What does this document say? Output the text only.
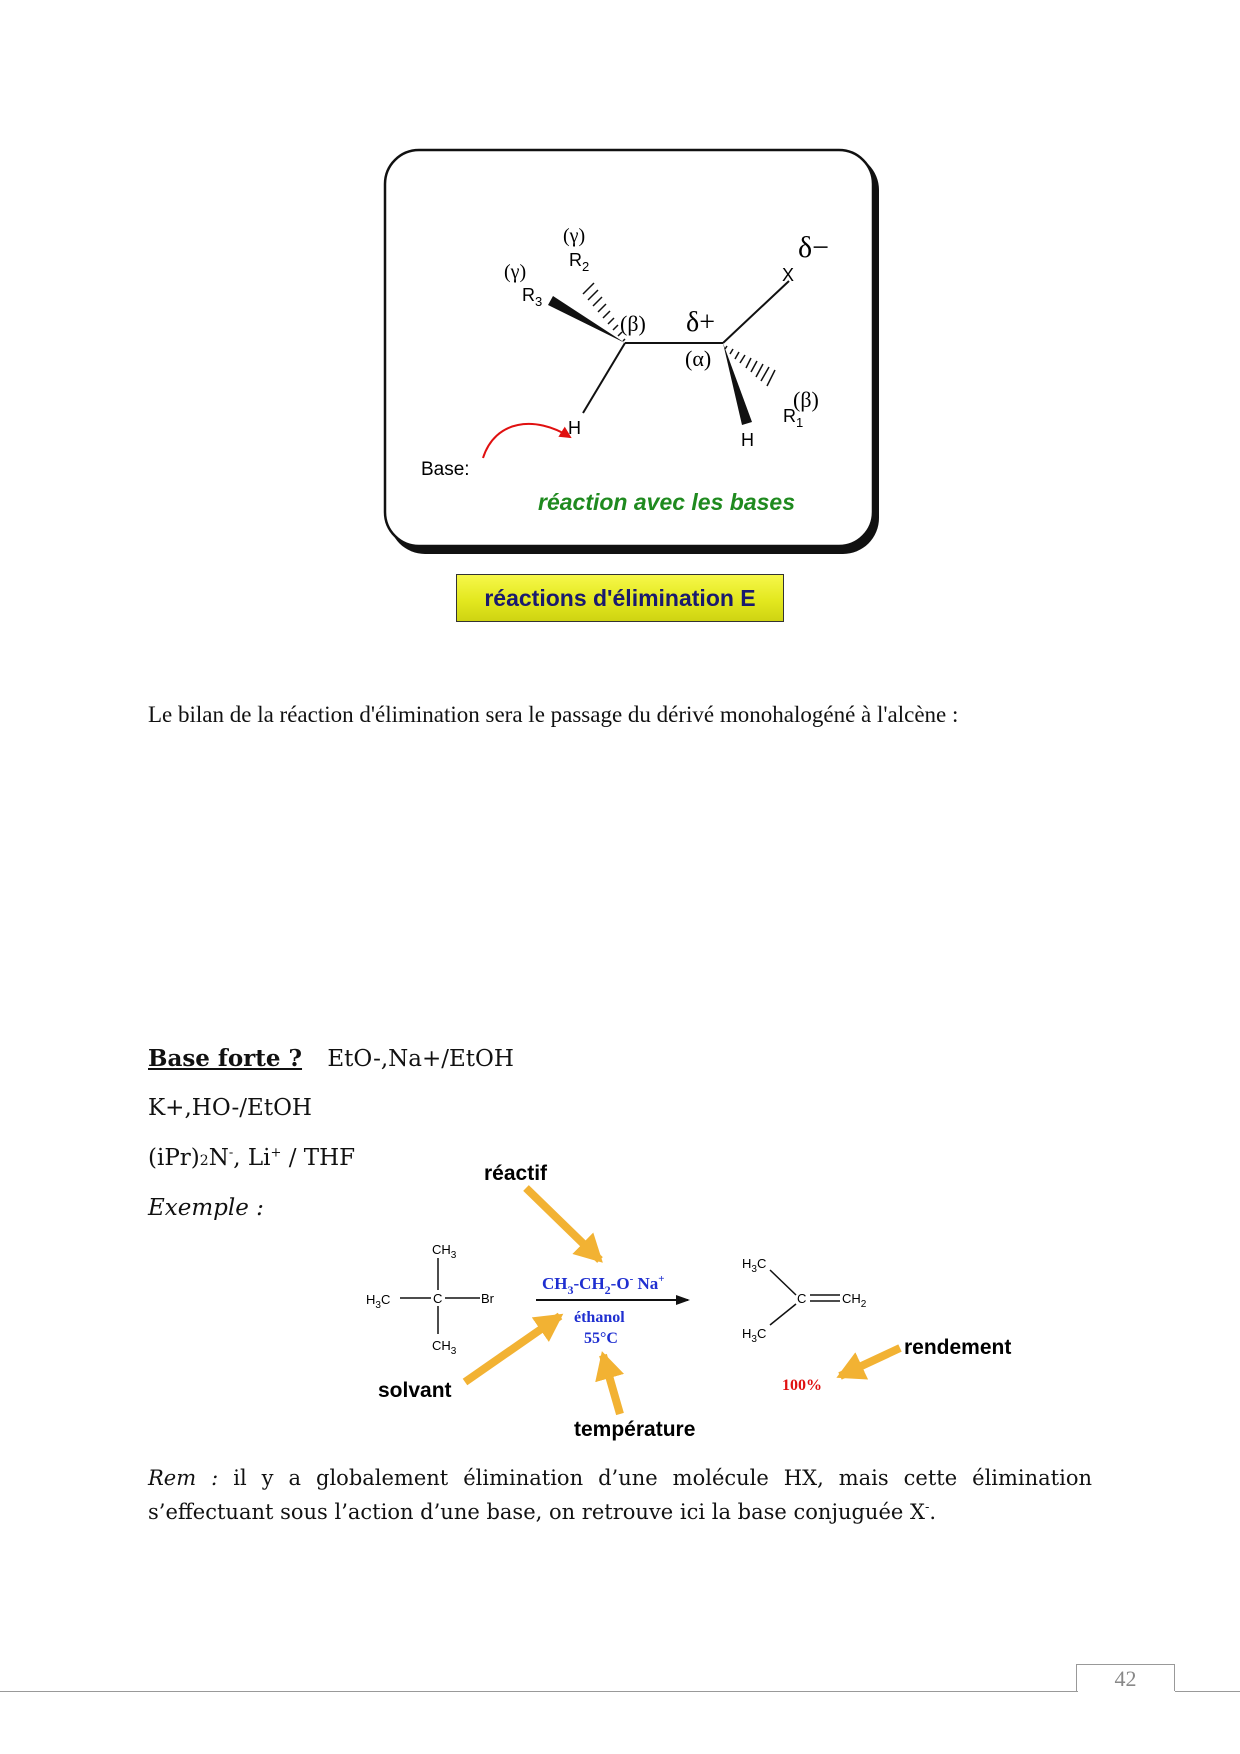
(γ)
$R_2$
(γ)
$R_3$
(β) δ+
(α)
X
δ−
H
H
$R_1$
(β)
Base:
réaction avec les bases
réactions d'élimination E
Le bilan de la réaction d'élimination sera le passage du dérivé monohalogéné à l'alcène :
Base forte ? EtO-,Na+/EtOH
K+,HO-/EtOH
(iPr)2N-, Li+ / THF
Exemple :
$CH_3$
$H_3C$	C	Br
$CH_3$
$CH_3-CH_2-O^-$ Na+
éthanol
55°C
$H_3C$
C	$CH_2$
$H_3C$
réactif
solvant
température
rendement
100%
Rem : il y a globalement élimination d’une molécule HX, mais cette élimination
s’effectuant sous l’action d’une base, on retrouve ici la base conjuguée X-.
42
